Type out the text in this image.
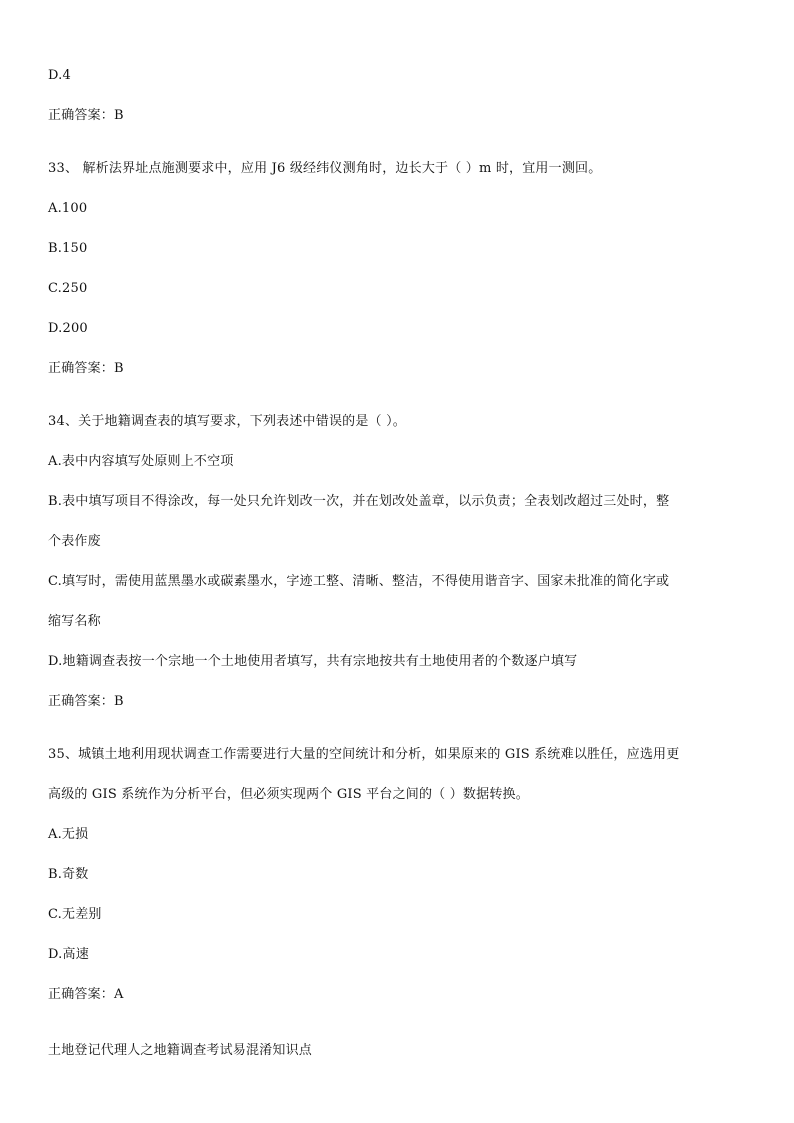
D.4
正确答案：B
33、 解析法界址点施测要求中，应用 J6 级经纬仪测角时，边长大于（ ）m 时，宜用一测回。
A.100
B.150
C.250
D.200
正确答案：B
34、关于地籍调查表的填写要求，下列表述中错误的是（ ）。
A.表中内容填写处原则上不空项
B.表中填写项目不得涂改，每一处只允许划改一次，并在划改处盖章，以示负责；全表划改超过三处时，整
个表作废
C.填写时，需使用蓝黑墨水或碳素墨水，字迹工整、清晰、整洁，不得使用谐音字、国家未批准的简化字或
缩写名称
D.地籍调查表按一个宗地一个土地使用者填写，共有宗地按共有土地使用者的个数逐户填写
正确答案：B
35、城镇土地利用现状调查工作需要进行大量的空间统计和分析，如果原来的 GIS 系统难以胜任，应选用更
高级的 GIS 系统作为分析平台，但必须实现两个 GIS 平台之间的（ ）数据转换。
A.无损
B.奇数
C.无差别
D.高速
正确答案：A
土地登记代理人之地籍调查考试易混淆知识点
